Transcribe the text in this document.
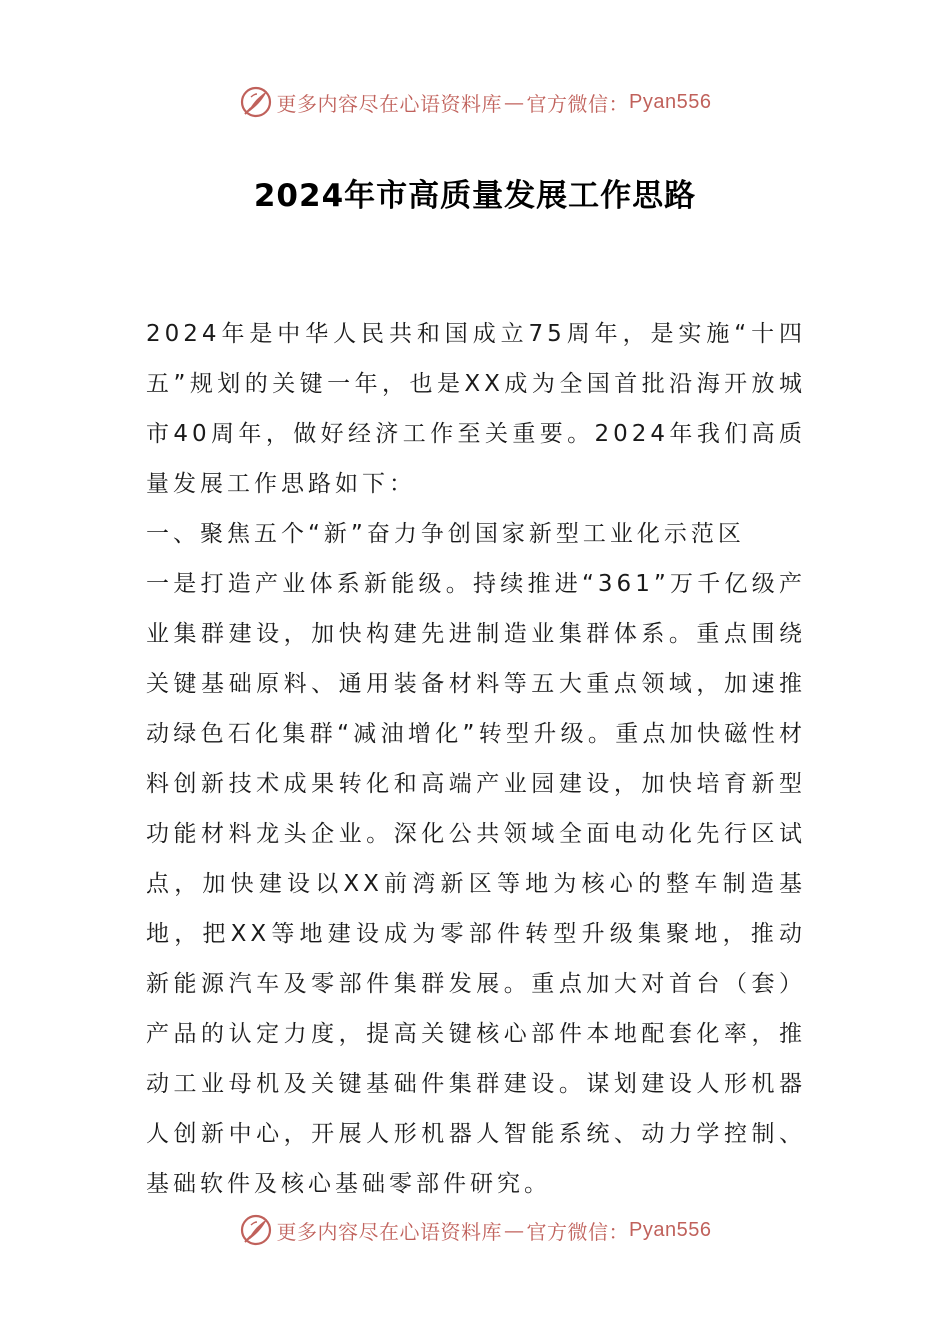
更多内容尽在心语资料库 — 官方微信： Pyan556
2024年市高质量发展工作思路

2024年是中华人民共和国成立75周年，是实施“十四五”规划的关键一年，也是XX成为全国首批沿海开放城市40周年，做好经济工作至关重要。2024年我们高质量发展工作思路如下：

一、聚焦五个“新”奋力争创国家新型工业化示范区

一是打造产业体系新能级。持续推进“361”万千亿级产业集群建设，加快构建先进制造业集群体系。重点围绕关键基础原料、通用装备材料等五大重点领域，加速推动绿色石化集群“减油增化”转型升级。重点加快磁性材料创新技术成果转化和高端产业园建设，加快培育新型功能材料龙头企业。深化公共领域全面电动化先行区试点，加快建设以XX前湾新区等地为核心的整车制造基地，把XX等地建设成为零部件转型升级集聚地，推动新能源汽车及零部件集群发展。重点加大对首台（套）产品的认定力度，提高关键核心部件本地配套化率，推动工业母机及关键基础件集群建设。谋划建设人形机器人创新中心，开展人形机器人智能系统、动力学控制、基础软件及核心基础零部件研究。

更多内容尽在心语资料库 — 官方微信： Pyan556
